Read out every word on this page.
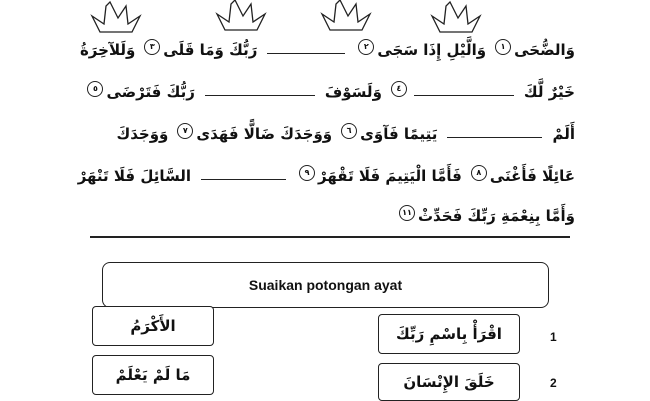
وَالضُّحَى
١
وَالَّيْلِ إِذَا سَجَى
٢
رَبُّكَ وَمَا قَلَى
٣
وَلَلآخِرَةُ
خَيْرٌ لَّكَ
٤
وَلَسَوْفَ
رَبُّكَ فَتَرْضَى
٥
أَلَمْ
يَتِيمًا فَآوَى
٦
وَوَجَدَكَ ضَالًّا فَهَدَى
٧
وَوَجَدَكَ
عَائِلًا فَأَغْنَى
٨
فَأَمَّا الْيَتِيمَ فَلَا تَقْهَرْ
٩
السَّائِلَ فَلَا تَنْهَرْ
وَأَمَّا بِنِعْمَةِ رَبِّكَ فَحَدِّثْ
١١
Suaikan potongan ayat
الأَكْرَمُ	اقْرَأْ بِاسْمِ رَبِّكَ	1
مَا لَمْ يَعْلَمْ	خَلَقَ الإِنْسَانَ	2
